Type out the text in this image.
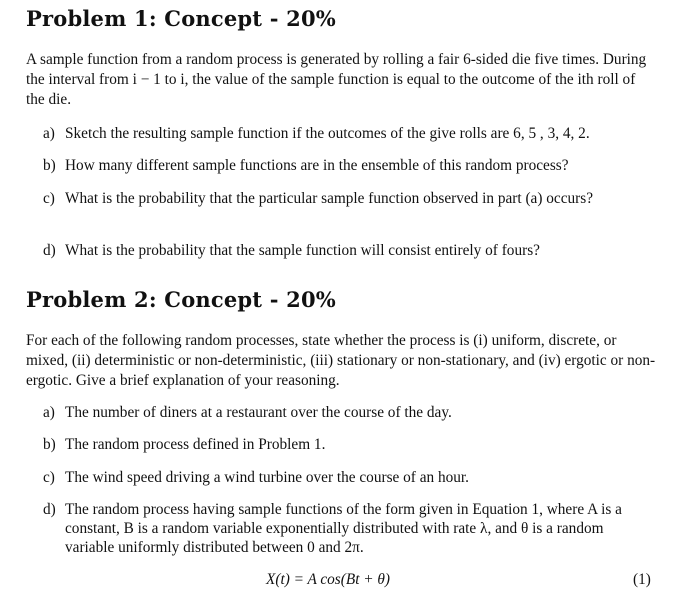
Problem 1: Concept - 20%
A sample function from a random process is generated by rolling a fair 6-sided die five times. During the interval from i − 1 to i, the value of the sample function is equal to the outcome of the ith roll of the die.
a) Sketch the resulting sample function if the outcomes of the give rolls are 6, 5 , 3, 4, 2.
b) How many different sample functions are in the ensemble of this random process?
c) What is the probability that the particular sample function observed in part (a) occurs?
d) What is the probability that the sample function will consist entirely of fours?
Problem 2: Concept - 20%
For each of the following random processes, state whether the process is (i) uniform, discrete, or mixed, (ii) deterministic or non-deterministic, (iii) stationary or non-stationary, and (iv) ergotic or non-ergotic. Give a brief explanation of your reasoning.
a) The number of diners at a restaurant over the course of the day.
b) The random process defined in Problem 1.
c) The wind speed driving a wind turbine over the course of an hour.
d) The random process having sample functions of the form given in Equation 1, where A is a constant, B is a random variable exponentially distributed with rate λ, and θ is a random variable uniformly distributed between 0 and 2π.
X(t) = A cos(Bt + θ)	(1)
